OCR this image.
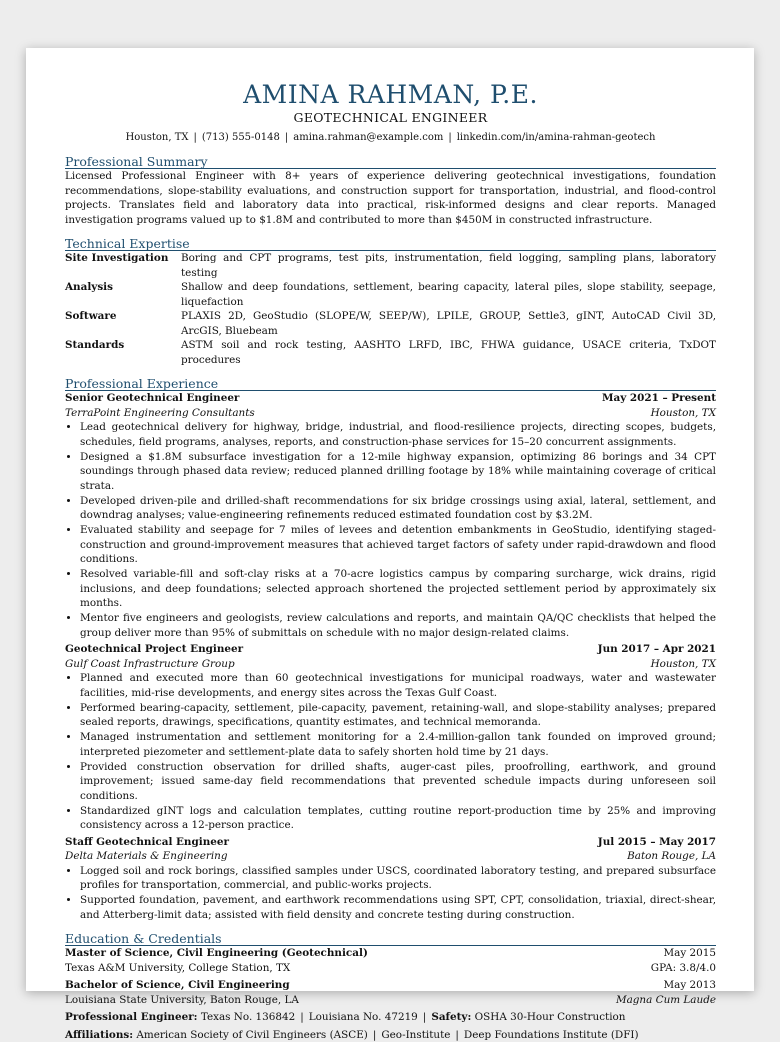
AMINA RAHMAN, P.E.
GEOTECHNICAL ENGINEER
Houston, TX | (713) 555-0148 | amina.rahman@example.com | linkedin.com/in/amina-rahman-geotech
Professional Summary
Licensed Professional Engineer with 8+ years of experience delivering geotechnical investigations, foundation recommendations, slope-stability evaluations, and construction support for transportation, industrial, and flood-control projects. Translates field and laboratory data into practical, risk-informed designs and clear reports. Managed investigation programs valued up to $1.8M and contributed to more than $450M in constructed infrastructure.
Technical Expertise
Site Investigation	Boring and CPT programs, test pits, instrumentation, field logging, sampling plans, laboratory testing
Analysis	Shallow and deep foundations, settlement, bearing capacity, lateral piles, slope stability, seepage, liquefaction
Software	PLAXIS 2D, GeoStudio (SLOPE/W, SEEP/W), LPILE, GROUP, Settle3, gINT, AutoCAD Civil 3D, ArcGIS, Bluebeam
Standards	ASTM soil and rock testing, AASHTO LRFD, IBC, FHWA guidance, USACE criteria, TxDOT procedures
Professional Experience
Senior Geotechnical Engineer	May 2021 – Present
TerraPoint Engineering Consultants	Houston, TX
• Lead geotechnical delivery for highway, bridge, industrial, and flood-resilience projects, directing scopes, budgets, schedules, field programs, analyses, reports, and construction-phase services for 15–20 concurrent assignments.
• Designed a $1.8M subsurface investigation for a 12-mile highway expansion, optimizing 86 borings and 34 CPT soundings through phased data review; reduced planned drilling footage by 18% while maintaining coverage of critical strata.
• Developed driven-pile and drilled-shaft recommendations for six bridge crossings using axial, lateral, settlement, and downdrag analyses; value-engineering refinements reduced estimated foundation cost by $3.2M.
• Evaluated stability and seepage for 7 miles of levees and detention embankments in GeoStudio, identifying staged-construction and ground-improvement measures that achieved target factors of safety under rapid-drawdown and flood conditions.
• Resolved variable-fill and soft-clay risks at a 70-acre logistics campus by comparing surcharge, wick drains, rigid inclusions, and deep foundations; selected approach shortened the projected settlement period by approximately six months.
• Mentor five engineers and geologists, review calculations and reports, and maintain QA/QC checklists that helped the group deliver more than 95% of submittals on schedule with no major design-related claims.
Geotechnical Project Engineer	Jun 2017 – Apr 2021
Gulf Coast Infrastructure Group	Houston, TX
• Planned and executed more than 60 geotechnical investigations for municipal roadways, water and wastewater facilities, mid-rise developments, and energy sites across the Texas Gulf Coast.
• Performed bearing-capacity, settlement, pile-capacity, pavement, retaining-wall, and slope-stability analyses; prepared sealed reports, drawings, specifications, quantity estimates, and technical memoranda.
• Managed instrumentation and settlement monitoring for a 2.4-million-gallon tank founded on improved ground; interpreted piezometer and settlement-plate data to safely shorten hold time by 21 days.
• Provided construction observation for drilled shafts, auger-cast piles, proofrolling, earthwork, and ground improvement; issued same-day field recommendations that prevented schedule impacts during unforeseen soil conditions.
• Standardized gINT logs and calculation templates, cutting routine report-production time by 25% and improving consistency across a 12-person practice.
Staff Geotechnical Engineer	Jul 2015 – May 2017
Delta Materials & Engineering	Baton Rouge, LA
• Logged soil and rock borings, classified samples under USCS, coordinated laboratory testing, and prepared subsurface profiles for transportation, commercial, and public-works projects.
• Supported foundation, pavement, and earthwork recommendations using SPT, CPT, consolidation, triaxial, direct-shear, and Atterberg-limit data; assisted with field density and concrete testing during construction.
Education & Credentials
Master of Science, Civil Engineering (Geotechnical)	May 2015
Texas A&M University, College Station, TX	GPA: 3.8/4.0
Bachelor of Science, Civil Engineering	May 2013
Louisiana State University, Baton Rouge, LA	Magna Cum Laude
Professional Engineer: Texas No. 136842 | Louisiana No. 47219 | Safety: OSHA 30-Hour Construction
Affiliations: American Society of Civil Engineers (ASCE) | Geo-Institute | Deep Foundations Institute (DFI)
